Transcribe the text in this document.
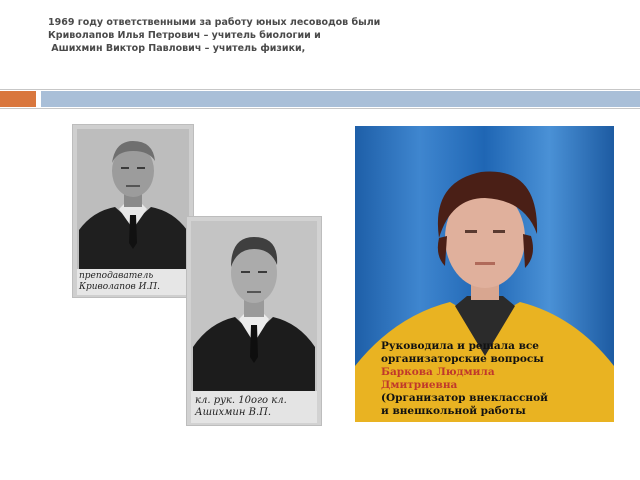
1969 году ответственными за работу юных лесоводов были
Криволапов Илья Петрович – учитель биологии и
Ашихмин Виктор Павлович – учитель физики,
преподаватель Криволапов И.П.
кл. рук. 10ого кл. Ашихмин В.П.
Руководила и решала все
организаторские вопросы
Баркова Людмила
Дмитриевна
(Организатор внеклассной
и внешкольной работы
